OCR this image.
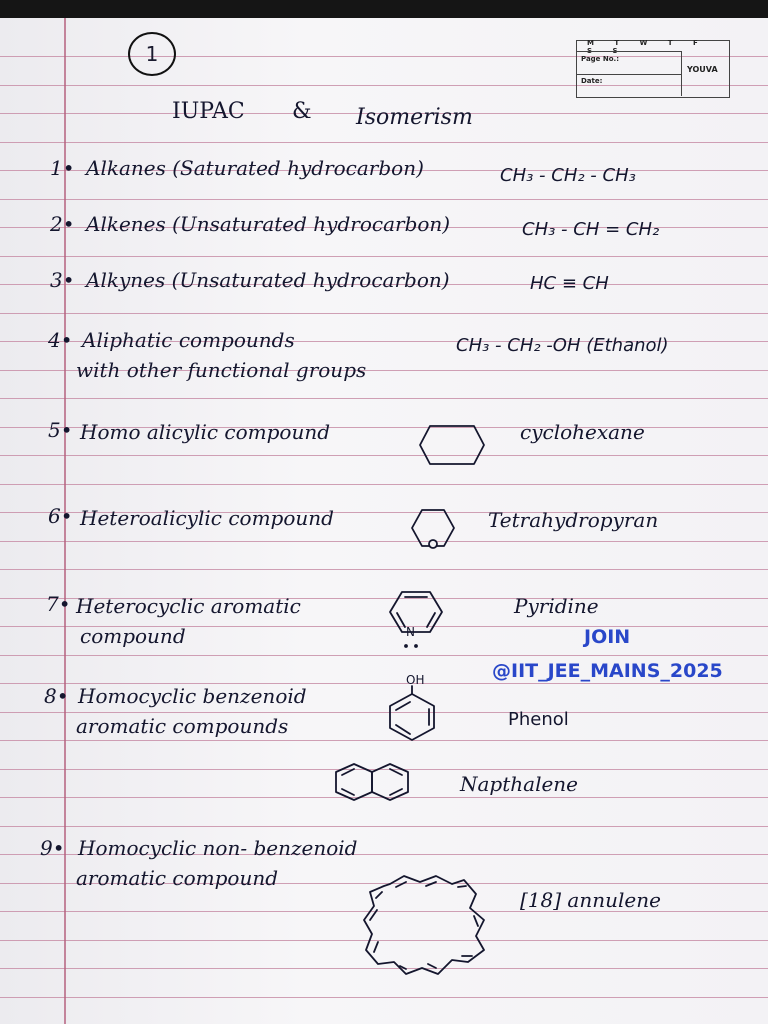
1	M T W T F S S
Page No.:
Date:
YOUVA
IUPAC & Isomerism
1• Alkanes (Saturated hydrocarbon)	CH₃ - CH₂ - CH₃
2• Alkenes (Unsaturated hydrocarbon)	CH₃ - CH = CH₂
3• Alkynes (Unsaturated hydrocarbon)	HC ≡ CH
4• Aliphatic compounds
with other functional groups
CH₃ - CH₂ -OH (Ethanol)
5• Homo alicylic compound	cyclohexane
6• Heteroalicylic compound	Tetrahydropyran
7• Heterocyclic aromatic
compound
Pyridine
N	JOIN
@IIT_JEE_MAINS_2025
8• Homocyclic benzenoid
aromatic compounds	Phenol
OH
Napthalene
9• Homocyclic non- benzenoid
aromatic compound
[18] annulene
